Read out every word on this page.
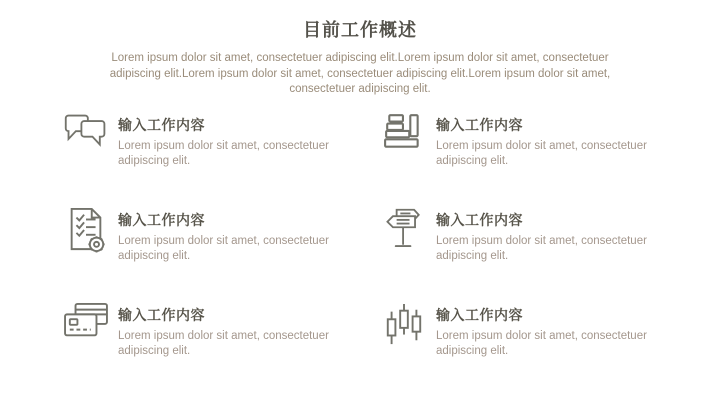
目前工作概述

Lorem ipsum dolor sit amet, consectetuer adipiscing elit.Lorem ipsum dolor sit amet, consectetuer adipiscing elit.Lorem ipsum dolor sit amet, consectetuer adipiscing elit.Lorem ipsum dolor sit amet, consectetuer adipiscing elit.

输入工作内容
Lorem ipsum dolor sit amet, consectetuer adipiscing elit.
输入工作内容
Lorem ipsum dolor sit amet, consectetuer adipiscing elit.
输入工作内容
Lorem ipsum dolor sit amet, consectetuer adipiscing elit.
输入工作内容
Lorem ipsum dolor sit amet, consectetuer adipiscing elit.
输入工作内容
Lorem ipsum dolor sit amet, consectetuer adipiscing elit.
输入工作内容
Lorem ipsum dolor sit amet, consectetuer adipiscing elit.
